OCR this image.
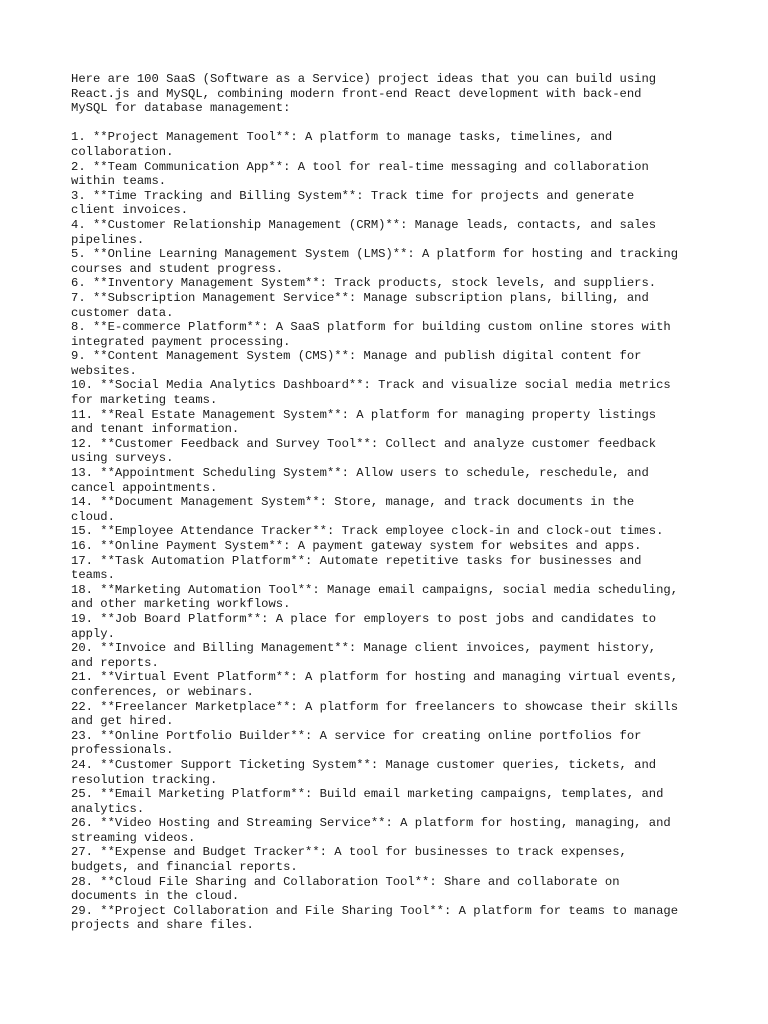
Here are 100 SaaS (Software as a Service) project ideas that you can build using

React.js and MySQL, combining modern front-end React development with back-end

MySQL for database management:

1. **Project Management Tool**: A platform to manage tasks, timelines, and

collaboration.

2. **Team Communication App**: A tool for real-time messaging and collaboration

within teams.

3. **Time Tracking and Billing System**: Track time for projects and generate

client invoices.

4. **Customer Relationship Management (CRM)**: Manage leads, contacts, and sales

pipelines.

5. **Online Learning Management System (LMS)**: A platform for hosting and tracking

courses and student progress.

6. **Inventory Management System**: Track products, stock levels, and suppliers.

7. **Subscription Management Service**: Manage subscription plans, billing, and

customer data.

8. **E-commerce Platform**: A SaaS platform for building custom online stores with

integrated payment processing.

9. **Content Management System (CMS)**: Manage and publish digital content for

websites.

10. **Social Media Analytics Dashboard**: Track and visualize social media metrics

for marketing teams.

11. **Real Estate Management System**: A platform for managing property listings

and tenant information.

12. **Customer Feedback and Survey Tool**: Collect and analyze customer feedback

using surveys.

13. **Appointment Scheduling System**: Allow users to schedule, reschedule, and

cancel appointments.

14. **Document Management System**: Store, manage, and track documents in the

cloud.

15. **Employee Attendance Tracker**: Track employee clock-in and clock-out times.

16. **Online Payment System**: A payment gateway system for websites and apps.

17. **Task Automation Platform**: Automate repetitive tasks for businesses and

teams.

18. **Marketing Automation Tool**: Manage email campaigns, social media scheduling,

and other marketing workflows.

19. **Job Board Platform**: A place for employers to post jobs and candidates to

apply.

20. **Invoice and Billing Management**: Manage client invoices, payment history,

and reports.

21. **Virtual Event Platform**: A platform for hosting and managing virtual events,

conferences, or webinars.

22. **Freelancer Marketplace**: A platform for freelancers to showcase their skills

and get hired.

23. **Online Portfolio Builder**: A service for creating online portfolios for

professionals.

24. **Customer Support Ticketing System**: Manage customer queries, tickets, and

resolution tracking.

25. **Email Marketing Platform**: Build email marketing campaigns, templates, and

analytics.

26. **Video Hosting and Streaming Service**: A platform for hosting, managing, and

streaming videos.

27. **Expense and Budget Tracker**: A tool for businesses to track expenses,

budgets, and financial reports.

28. **Cloud File Sharing and Collaboration Tool**: Share and collaborate on

documents in the cloud.

29. **Project Collaboration and File Sharing Tool**: A platform for teams to manage

projects and share files.
